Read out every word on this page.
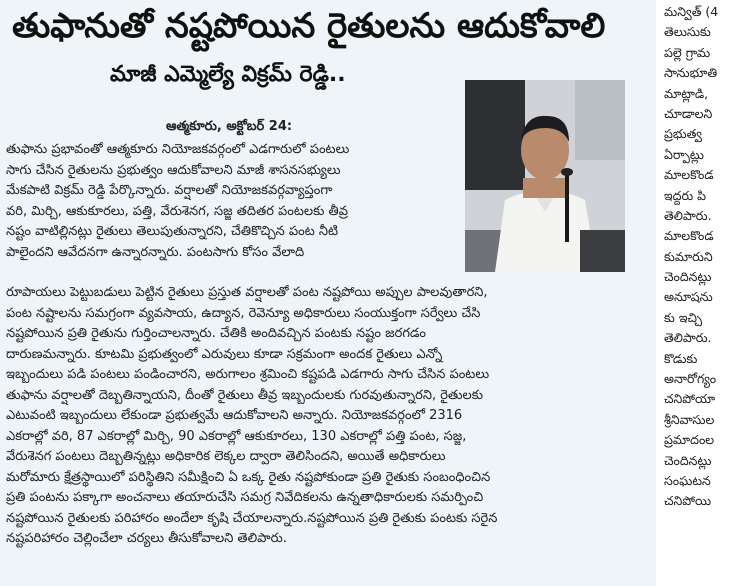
తుఫానుతో నష్టపోయిన రైతులను ఆదుకోవాలి
మాజీ ఎమ్మెల్యే విక్రమ్ రెడ్డి..
ఆత్మకూరు, అక్టోబర్ 24:
తుఫాను ప్రభావంతో ఆత్మకూరు నియోజకవర్గంలో ఎడగారులో పంటలు
సాగు చేసిన రైతులను ప్రభుత్వం ఆదుకోవాలని మాజీ శాసనసభ్యులు
మేకపాటి విక్రమ్ రెడ్డి పేర్కొన్నారు. వర్షాలతో నియోజకవర్గవ్యాప్తంగా
వరి, మిర్చి, ఆకుకూరలు, పత్తి, వేరుశెనగ, సజ్జ తదితర పంటలకు తీవ్ర
నష్టం వాటిల్లినట్లు రైతులు తెలుపుతున్నారని, చేతికొచ్చిన పంట నీటి
పాలైందని ఆవేదనగా ఉన్నారన్నారు. పంటసాగు కోసం వేలాది
రూపాయలు పెట్టుబడులు పెట్టిన రైతులు ప్రస్తుత వర్షాలతో పంట నష్టపోయి అప్పుల పాలవుతారని,
పంట నష్టాలను సమగ్రంగా వ్యవసాయ, ఉద్యాన, రెవెన్యూ అధికారులు సంయుక్తంగా సర్వేలు చేసి
నష్టపోయిన ప్రతి రైతును గుర్తించాలన్నారు. చేతికి అందివచ్చిన పంటకు నష్టం జరగడం
దారుణమన్నారు. కూటమి ప్రభుత్వంలో ఎరువులు కూడా సక్రమంగా అందక రైతులు ఎన్నో
ఇబ్బందులు పడి పంటలు పండించారని, అరుగాలం శ్రమించి కష్టపడి ఎడగారు సాగు చేసిన పంటలు
తుఫాను వర్షాలతో దెబ్బతిన్నాయని, దీంతో రైతులు తీవ్ర ఇబ్బందులకు గురవుతున్నారని, రైతులకు
ఎటువంటి ఇబ్బందులు లేకుండా ప్రభుత్వమే ఆదుకోవాలని అన్నారు. నియోజకవర్గంలో 2316
ఎకరాల్లో వరి, 87 ఎకరాల్లో మిర్చి, 90 ఎకరాల్లో ఆకుకూరలు, 130 ఎకరాల్లో పత్తి పంట, సజ్జ,
వేరుశెనగ పంటలు దెబ్బతిన్నట్లు అధికారిక లెక్కల ద్వారా తెలిసిందని, అయితే అధికారులు
మరోమారు క్షేత్రస్థాయిలో పరిస్థితిని సమీక్షించి ఏ ఒక్క రైతు నష్టపోకుండా ప్రతి రైతుకు సంబంధించిన
ప్రతి పంటను పక్కాగా అంచనాలు తయారుచేసి సమగ్ర నివేదికలను ఉన్నతాధికారులకు సమర్పించి
నష్టపోయిన రైతులకు పరిహారం అందేలా కృషి చేయాలన్నారు.నష్టపోయిన ప్రతి రైతుకు పంటకు సరైన
నష్టపరిహారం చెల్లించేలా చర్యలు తీసుకోవాలని తెలిపారు.
మన్విత్ (4
తెలుసుకు
పల్లె గ్రామ
సానుభూతి
మాట్లాడి,
చూడాలని
ప్రభుత్వ
ఏర్పాట్లు
మాలకొండ
ఇద్దరు పి
తెలిపారు.
మాలకొండ
కుమారుని
చెందినట్లు
అనూషను
కు ఇచ్చి
తెలిపారు.
కొడుకు
అనారోగ్యం
చనిపోయా
శ్రీనివాసుల
ప్రమాదంల
చెందినట్లు
సంఘటన
చనిపోయి
